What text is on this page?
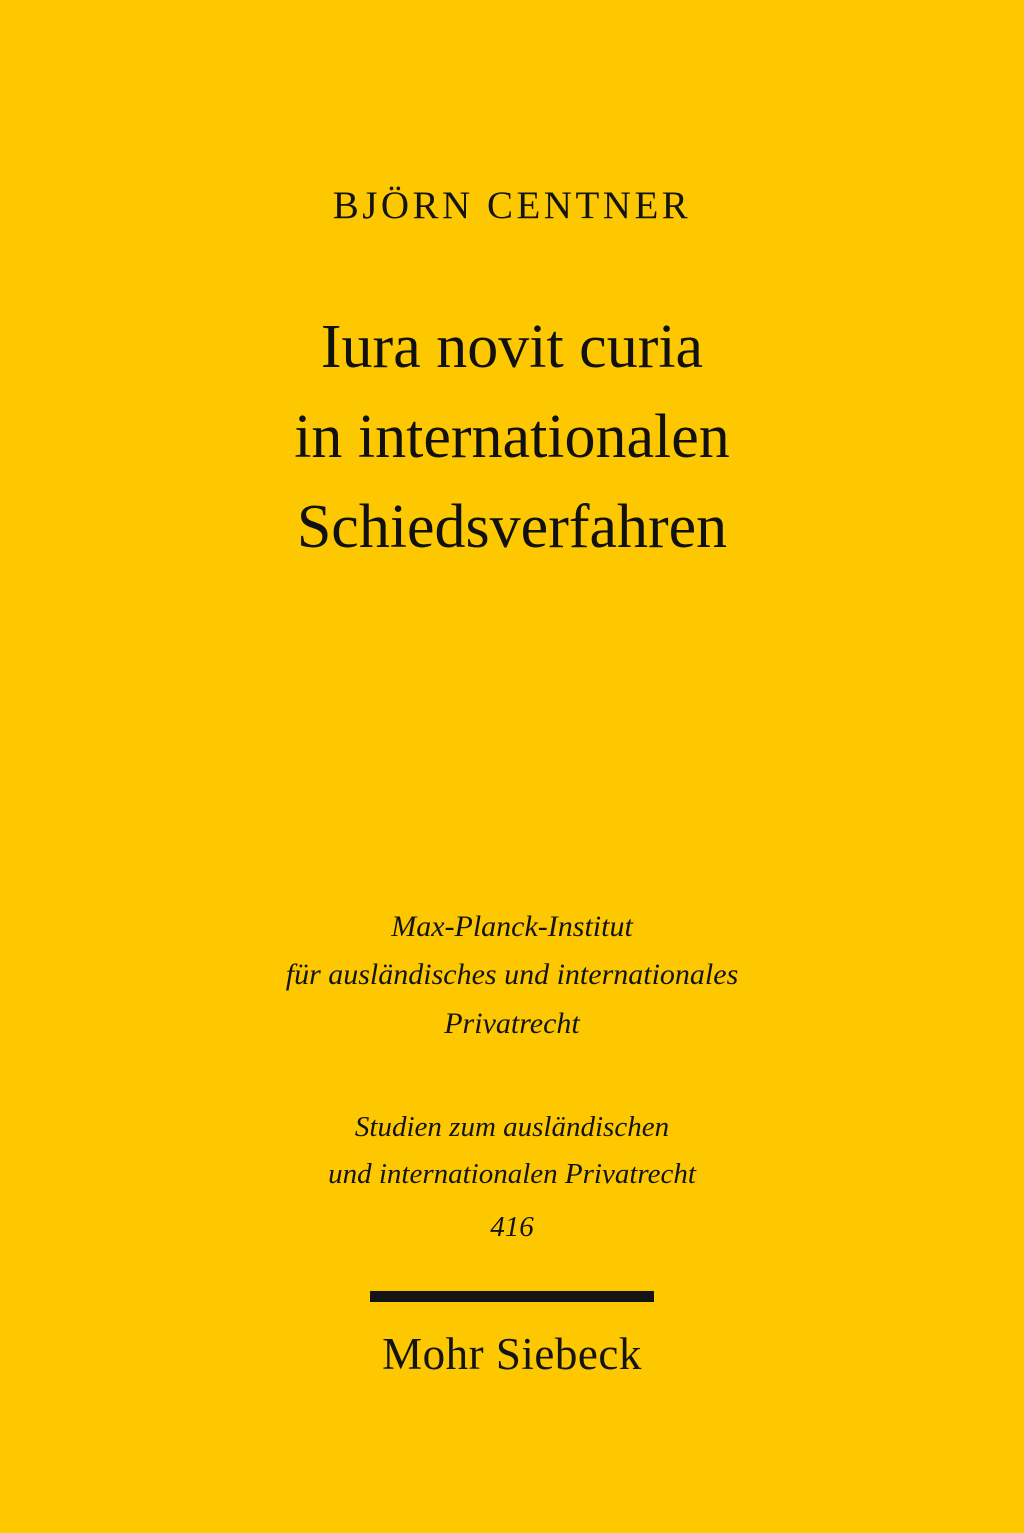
BJÖRN CENTNER
Iura novit curia
in internationalen
Schiedsverfahren
Max-Planck-Institut
für ausländisches und internationales
Privatrecht
Studien zum ausländischen
und internationalen Privatrecht
416
Mohr Siebeck
